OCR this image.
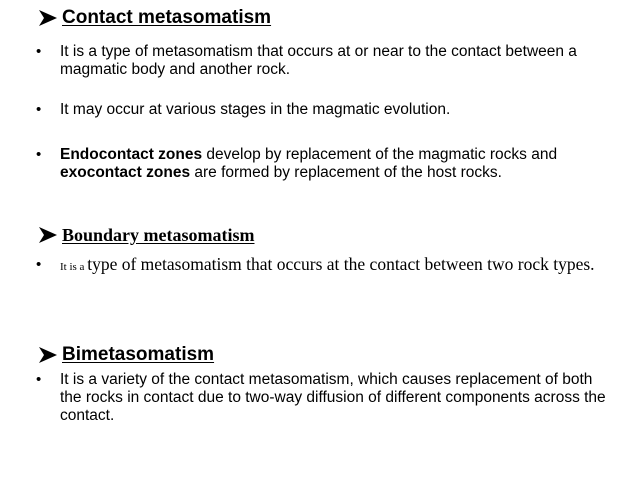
Contact metasomatism
•	It is a type of metasomatism that occurs at or near to the contact between a magmatic body and another rock.
•	It may occur at various stages in the magmatic evolution.
•	Endocontact zones develop by replacement of the magmatic rocks and
exocontact zones are formed by replacement of the host rocks.
Boundary metasomatism
•	It is a type of metasomatism that occurs at the contact between two rock types.
Bimetasomatism
•	It is a variety of the contact metasomatism, which causes replacement of both the rocks in contact due to two-way diffusion of different components across the contact.
